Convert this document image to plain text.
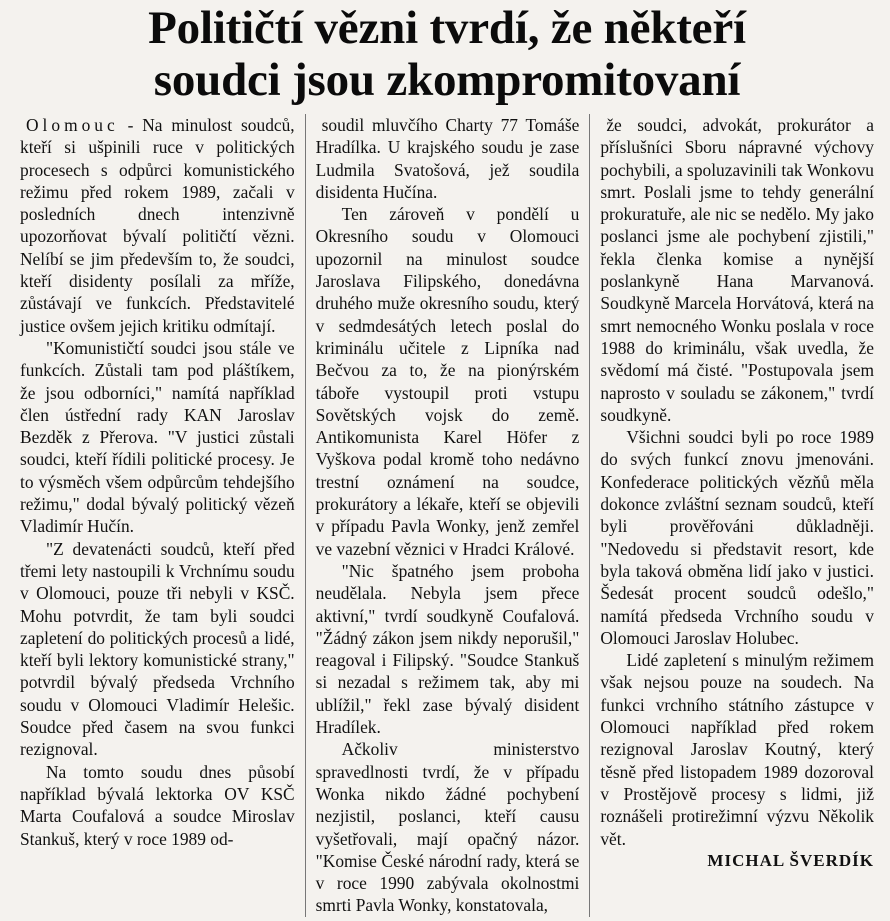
Političtí vězni tvrdí, že někteří
soudci jsou zkompromitovaní

Olomouc - Na minulost soudců, kteří si ušpinili ruce v politických procesech s odpůrci komunistického režimu před rokem 1989, začali v posledních dnech intenzivně upozorňovat bývalí političtí vězni. Nelíbí se jim především to, že soudci, kteří disidenty posílali za mříže, zůstávají ve funkcích. Představitelé justice ovšem jejich kritiku odmítají.

"Komunističtí soudci jsou stále ve funkcích. Zůstali tam pod pláštíkem, že jsou odborníci," namítá například člen ústřední rady KAN Jaroslav Bezděk z Přerova. "V justici zůstali soudci, kteří řídili politické procesy. Je to výsměch všem odpůrcům tehdejšího režimu," dodal bývalý politický vězeň Vladimír Hučín.

"Z devatenácti soudců, kteří před třemi lety nastoupili k Vrchnímu soudu v Olomouci, pouze tři nebyli v KSČ. Mohu potvrdit, že tam byli soudci zapletení do politických procesů a lidé, kteří byli lektory komunistické strany," potvrdil bývalý předseda Vrchního soudu v Olomouci Vladimír Helešic. Soudce před časem na svou funkci rezignoval.

Na tomto soudu dnes působí například bývalá lektorka OV KSČ Marta Coufalová a soudce Miroslav Stankuš, který v roce 1989 od-

soudil mluvčího Charty 77 Tomáše Hradílka. U krajského soudu je zase Ludmila Svatošová, jež soudila disidenta Hučína.

Ten zároveň v pondělí u Okresního soudu v Olomouci upozornil na minulost soudce Jaroslava Filipského, donedávna druhého muže okresního soudu, který v sedmdesátých letech poslal do kriminálu učitele z Lipníka nad Bečvou za to, že na pionýrském táboře vystoupil proti vstupu Sovětských vojsk do země. Antikomunista Karel Höfer z Vyškova podal kromě toho nedávno trestní oznámení na soudce, prokurátory a lékaře, kteří se objevili v případu Pavla Wonky, jenž zemřel ve vazební věznici v Hradci Králové.

"Nic špatného jsem proboha neudělala. Nebyla jsem přece aktivní," tvrdí soudkyně Coufalová. "Žádný zákon jsem nikdy neporušil," reagoval i Filipský. "Soudce Stankuš si nezadal s režimem tak, aby mi ublížil," řekl zase bývalý disident Hradílek.

Ačkoliv ministerstvo spravedlnosti tvrdí, že v případu Wonka nikdo žádné pochybení nezjistil, poslanci, kteří causu vyšetřovali, mají opačný názor. "Komise České národní rady, která se v roce 1990 zabývala okolnostmi smrti Pavla Wonky, konstatovala,

že soudci, advokát, prokurátor a příslušníci Sboru nápravné výchovy pochybili, a spoluzavinili tak Wonkovu smrt. Poslali jsme to tehdy generální prokuratuře, ale nic se nedělo. My jako poslanci jsme ale pochybení zjistili," řekla členka komise a nynější poslankyně Hana Marvanová. Soudkyně Marcela Horvátová, která na smrt nemocného Wonku poslala v roce 1988 do kriminálu, však uvedla, že svědomí má čisté. "Postupovala jsem naprosto v souladu se zákonem," tvrdí soudkyně.

Všichni soudci byli po roce 1989 do svých funkcí znovu jmenováni. Konfederace politických vězňů měla dokonce zvláštní seznam soudců, kteří byli prověřováni důkladněji. "Nedovedu si představit resort, kde byla taková obměna lidí jako v justici. Šedesát procent soudců odešlo," namítá předseda Vrchního soudu v Olomouci Jaroslav Holubec.

Lidé zapletení s minulým režimem však nejsou pouze na soudech. Na funkci vrchního státního zástupce v Olomouci například před rokem rezignoval Jaroslav Koutný, který těsně před listopadem 1989 dozoroval v Prostějově procesy s lidmi, již roznášeli protirežimní výzvu Několik vět.

MICHAL ŠVERDÍK
